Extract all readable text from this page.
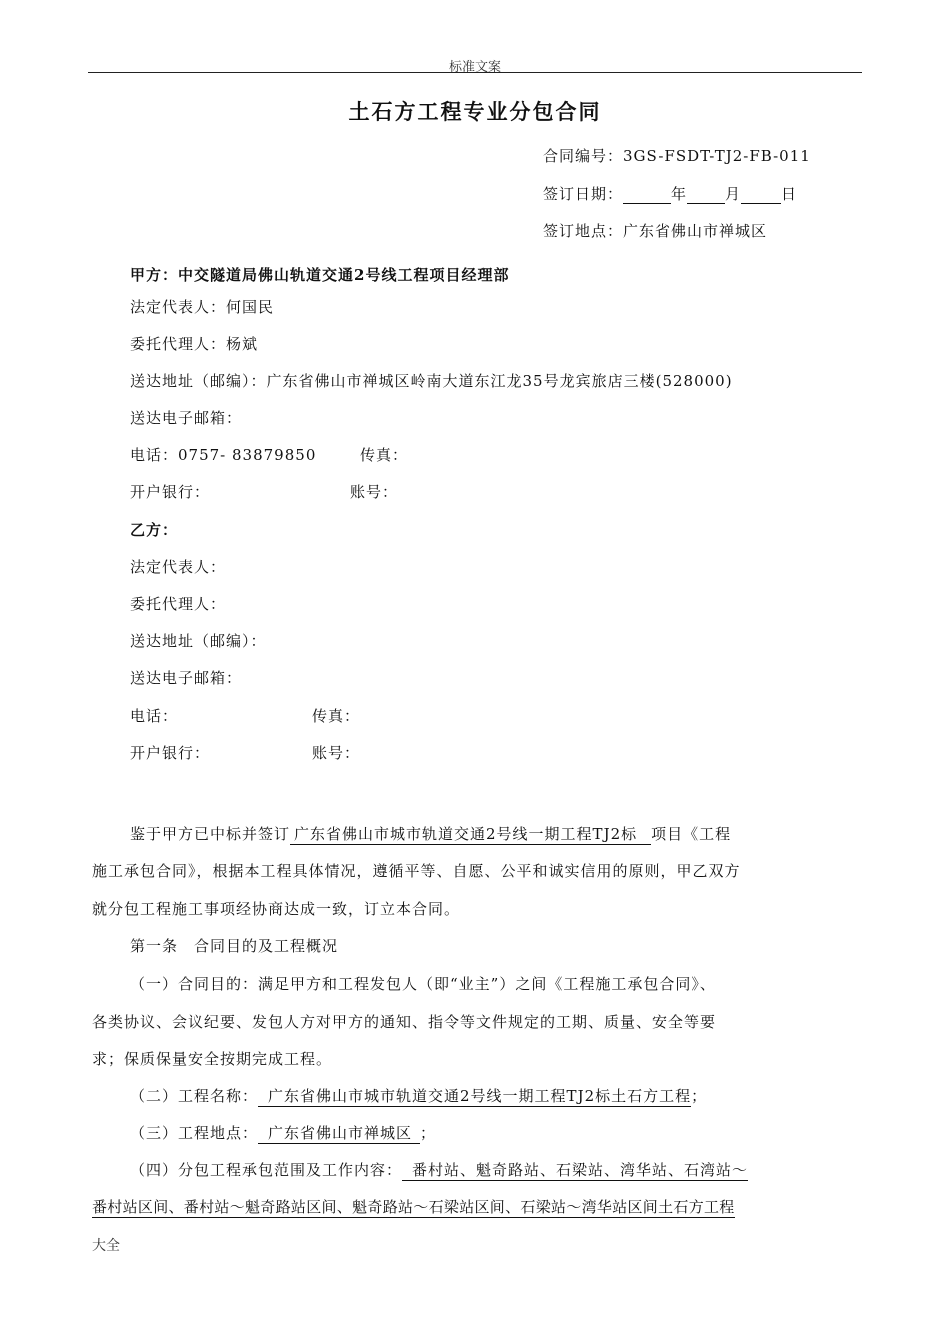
标准文案
土石方工程专业分包合同
合同编号：3GS-FSDT-TJ2-FB-011
签订日期：	年	月	日
签订地点：广东省佛山市禅城区
甲方：中交隧道局佛山轨道交通2号线工程项目经理部
法定代表人：何国民
委托代理人：杨斌
送达地址（邮编）：广东省佛山市禅城区岭南大道东江龙35号龙宾旅店三楼(528000)
送达电子邮箱：
电话：0757- 83879850	传真：
开户银行：	账号：
乙方：
法定代表人：
委托代理人：
送达地址（邮编）：
送达电子邮箱：
电话：	传真：
开户银行：	账号：
鉴于甲方已中标并签订 广东省佛山市城市轨道交通2号线一期工程TJ2标 项目《工程
施工承包合同》，根据本工程具体情况，遵循平等、自愿、公平和诚实信用的原则，甲乙双方
就分包工程施工事项经协商达成一致，订立本合同。
第一条　合同目的及工程概况
（一）合同目的：满足甲方和工程发包人（即“业主”）之间《工程施工承包合同》、
各类协议、会议纪要、发包人方对甲方的通知、指令等文件规定的工期、质量、安全等要
求；保质保量安全按期完成工程。
（二）工程名称： 广东省佛山市城市轨道交通2号线一期工程TJ2标土石方工程；
（三）工程地点： 广东省佛山市禅城区 ；
（四）分包工程承包范围及工作内容： 番村站、魁奇路站、石梁站、湾华站、石湾站～
番村站区间、番村站～魁奇路站区间、魁奇路站～石梁站区间、石梁站～湾华站区间土石方工程
大全
